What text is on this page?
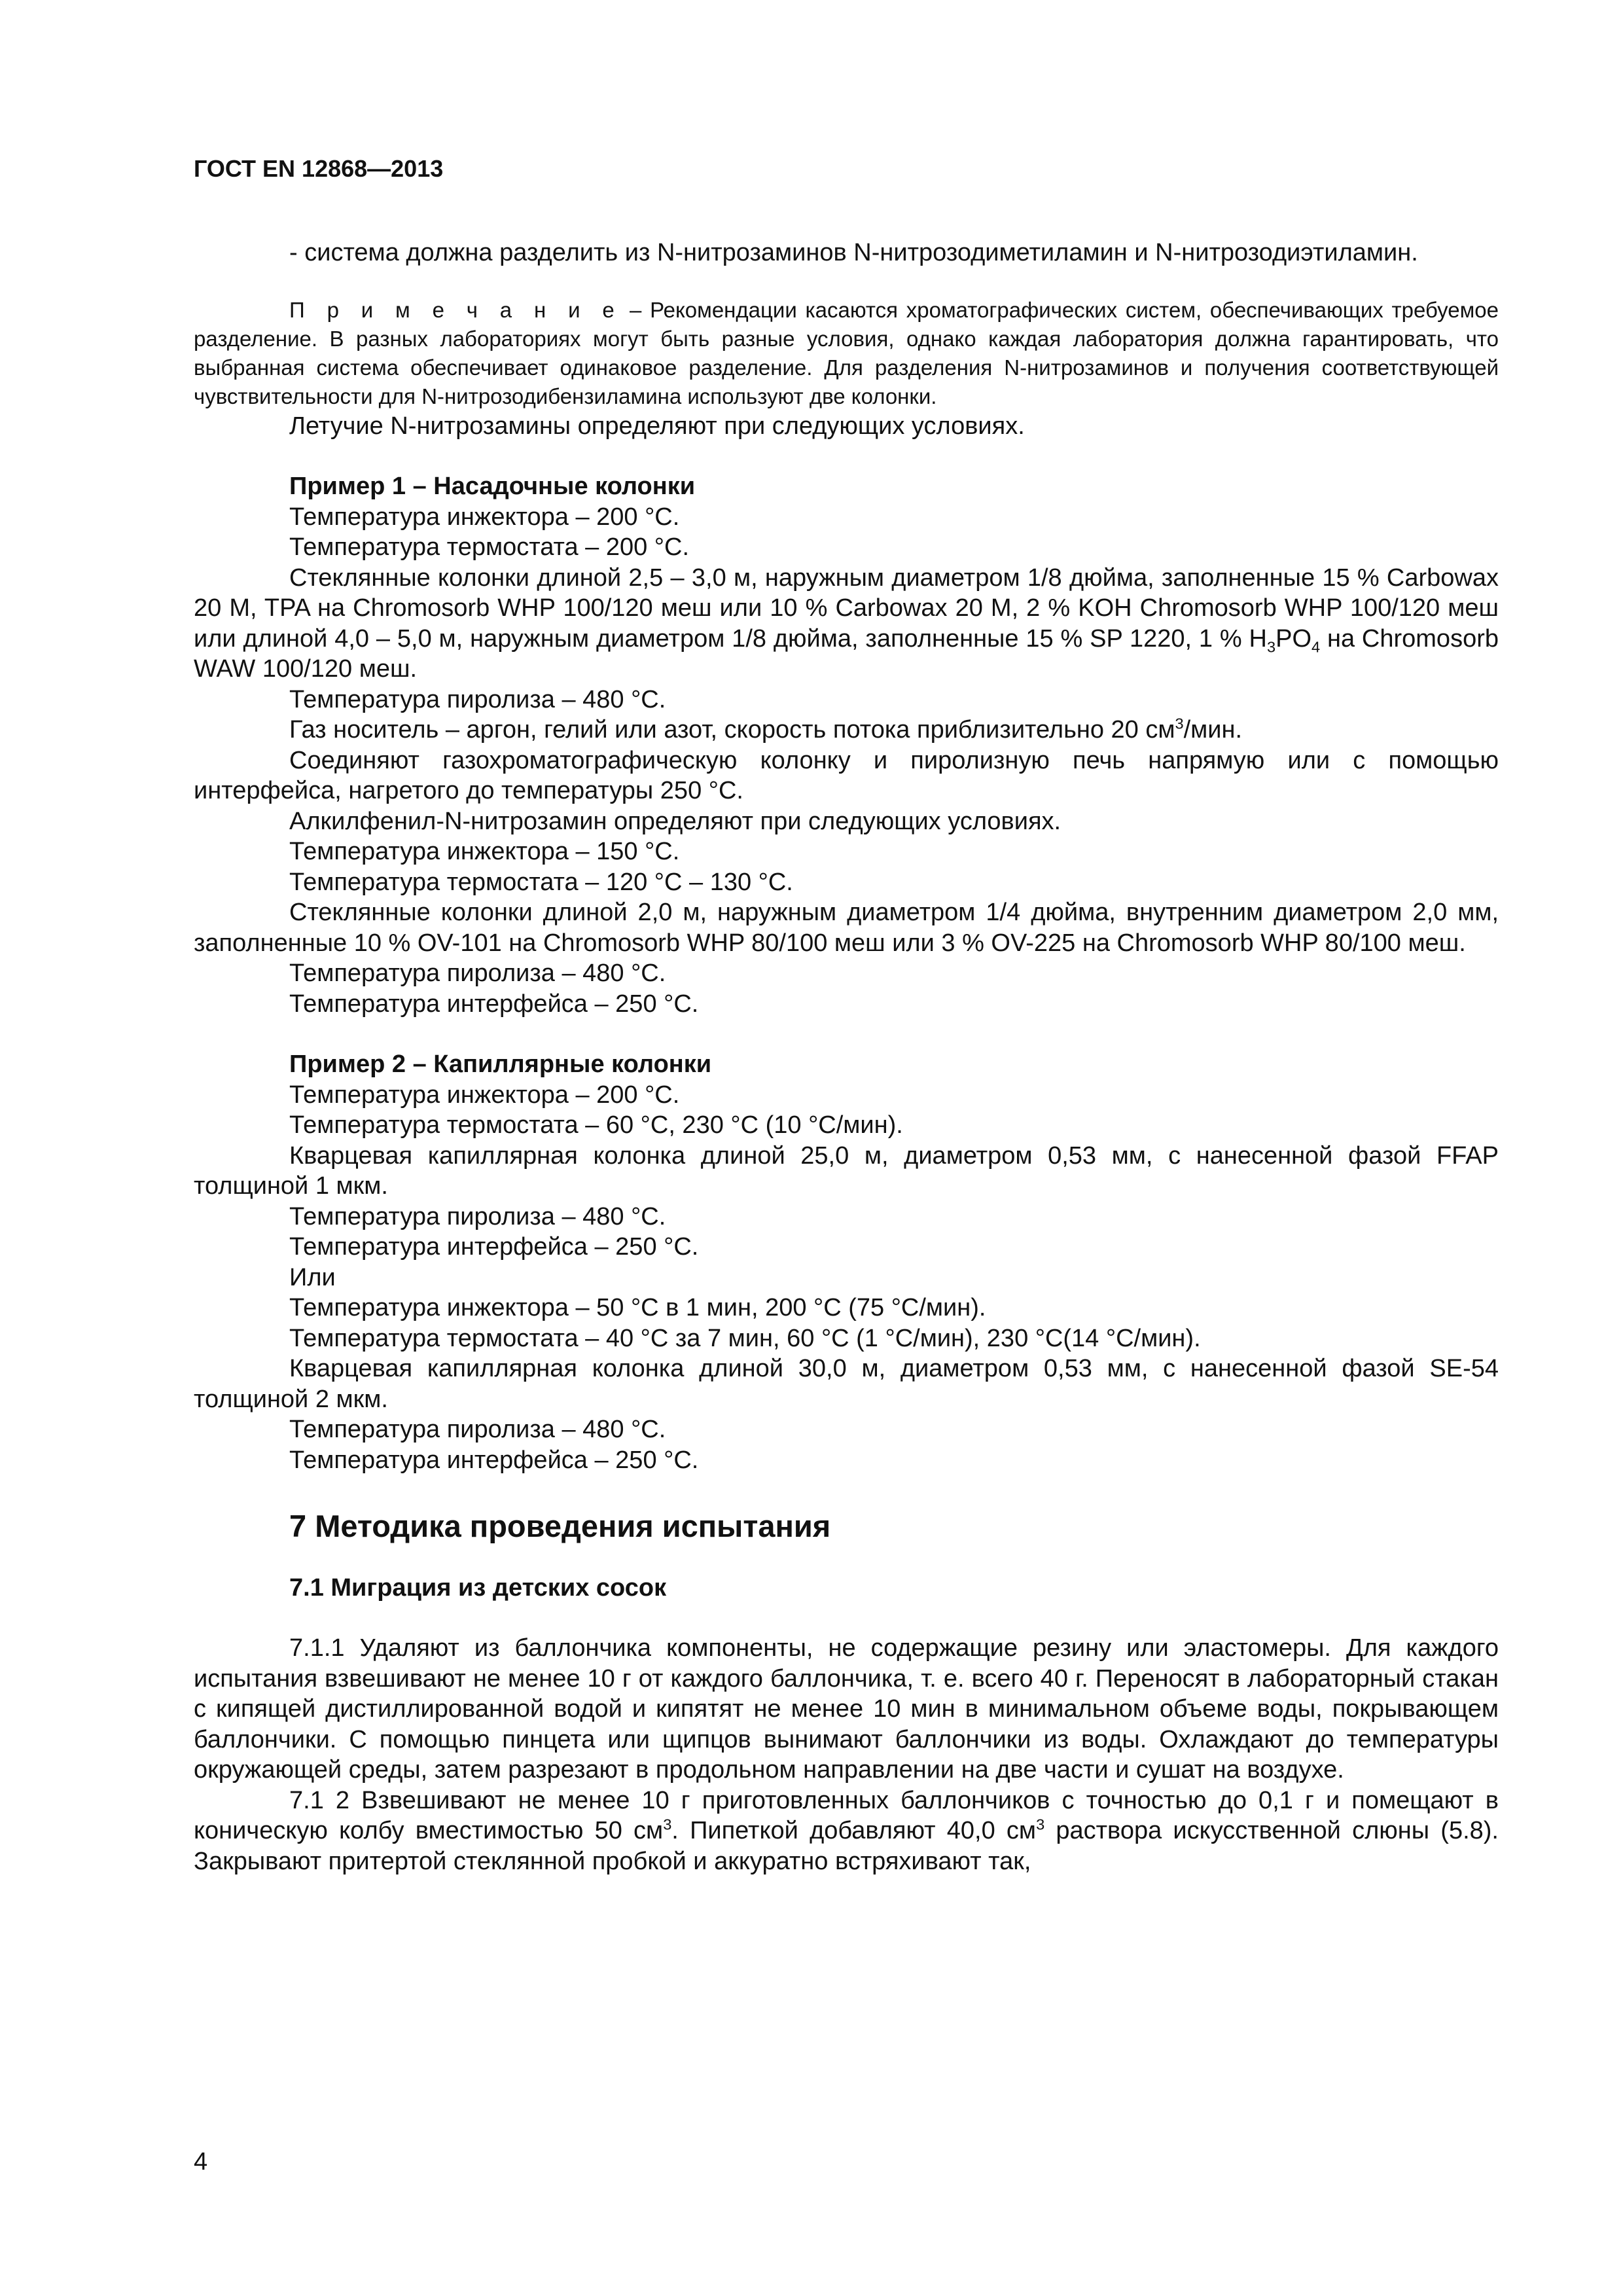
ГОСТ EN 12868—2013

- система должна разделить из N-нитрозаминов N-нитрозодиметиламин и N-нитрозодиэтиламин.

П р и м е ч а н и е – Рекомендации касаются хроматографических систем, обеспечивающих требуемое разделение. В разных лабораториях могут быть разные условия, однако каждая лаборатория должна гарантировать, что выбранная система обеспечивает одинаковое разделение. Для разделения N-нитрозаминов и получения соответствующей чувствительности для N-нитрозодибензиламина используют две колонки.

Летучие N-нитрозамины определяют при следующих условиях.

Пример 1 – Насадочные колонки

Температура инжектора – 200 °С.

Температура термостата – 200 °С.

Стеклянные колонки длиной 2,5 – 3,0 м, наружным диаметром 1/8 дюйма, заполненные 15 % Carbowax 20 M, TPA на Chromosorb WHP 100/120 меш или 10 % Carbowax 20 M, 2 % KOH Chromosorb WHP 100/120 меш или длиной 4,0 – 5,0 м, наружным диаметром 1/8 дюйма, заполненные 15 % SP 1220, 1 % $H_3PO_4$ на Chromosorb WAW 100/120 меш.

Температура пиролиза – 480 °С.

Газ носитель – аргон, гелий или азот, скорость потока приблизительно 20 $см^3$/мин.

Соединяют газохроматографическую колонку и пиролизную печь напрямую или с помощью интерфейса, нагретого до температуры 250 °С.

Алкилфенил-N-нитрозамин определяют при следующих условиях.

Температура инжектора – 150 °С.

Температура термостата – 120 °С – 130 °С.

Стеклянные колонки длиной 2,0 м, наружным диаметром 1/4 дюйма, внутренним диаметром 2,0 мм, заполненные 10 % OV-101 на Chromosorb WHP 80/100 меш или 3 % OV-225 на Chromosorb WHP 80/100 меш.

Температура пиролиза – 480 °С.

Температура интерфейса – 250 °С.

Пример 2 – Капиллярные колонки

Температура инжектора – 200 °С.

Температура термостата – 60 °С, 230 °С (10 °С/мин).

Кварцевая капиллярная колонка длиной 25,0 м, диаметром 0,53 мм, с нанесенной фазой FFAP толщиной 1 мкм.

Температура пиролиза – 480 °С.

Температура интерфейса – 250 °С.

Или

Температура инжектора – 50 °С в 1 мин, 200 °С (75 °С/мин).

Температура термостата – 40 °С за 7 мин, 60 °С (1 °С/мин), 230 °С(14 °С/мин).

Кварцевая капиллярная колонка длиной 30,0 м, диаметром 0,53 мм, с нанесенной фазой SE-54 толщиной 2 мкм.

Температура пиролиза – 480 °С.

Температура интерфейса – 250 °С.

7 Методика проведения испытания
7.1 Миграция из детских сосок

7.1.1 Удаляют из баллончика компоненты, не содержащие резину или эластомеры. Для каждого испытания взвешивают не менее 10 г от каждого баллончика, т. е. всего 40 г. Переносят в лабораторный стакан с кипящей дистиллированной водой и кипятят не менее 10 мин в минимальном объеме воды, покрывающем баллончики. С помощью пинцета или щипцов вынимают баллончики из воды. Охлаждают до температуры окружающей среды, затем разрезают в продольном направлении на две части и сушат на воздухе.

7.1 2 Взвешивают не менее 10 г приготовленных баллончиков с точностью до 0,1 г и помещают в коническую колбу вместимостью 50 $см^3$. Пипеткой добавляют 40,0 $см^3$ раствора искусственной слюны (5.8). Закрывают притертой стеклянной пробкой и аккуратно встряхивают так,

4
